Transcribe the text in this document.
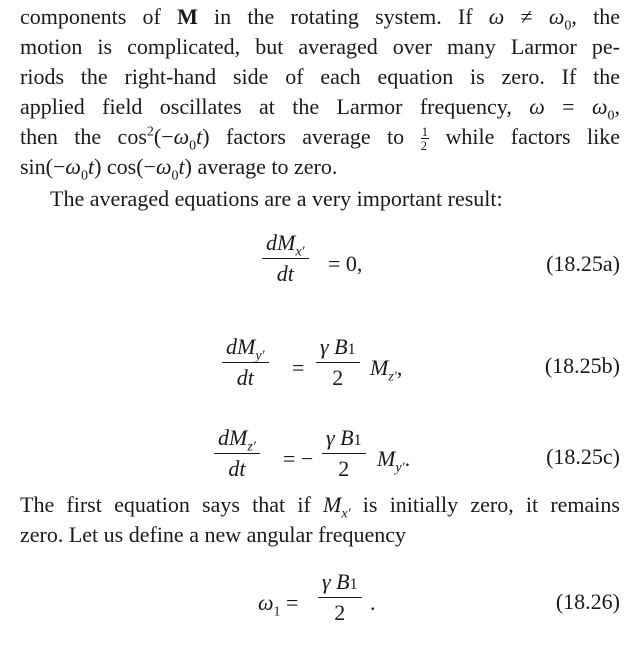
components of M in the rotating system. If $\omega \ne \omega_0$, the
motion is complicated, but averaged over many Larmor pe-
riods the right-hand side of each equation is zero. If the
applied field oscillates at the Larmor frequency, $\omega = \omega_0$,
then the $\cos^2(-\omega_0t)$ factors average to $\frac{1}{2}$ while factors like
$\sin(-\omega_0t)$ $\cos(-\omega_0t)$ average to zero.
The averaged equations are a very important result:
$dM_{x'}$
dt	= 0,	(18.25a)
$dM_{y'}$
dt	=
γ B1
2	$M_{z'}$,	(18.25b)
$dM_{z'}$
dt	= −
γ B1
2	$M_{y'}$.	(18.25c)
The first equation says that if $M_{x'}$ is initially zero, it remains
zero. Let us define a new angular frequency
$\omega_1$ =
γ B1
2	.	(18.26)
